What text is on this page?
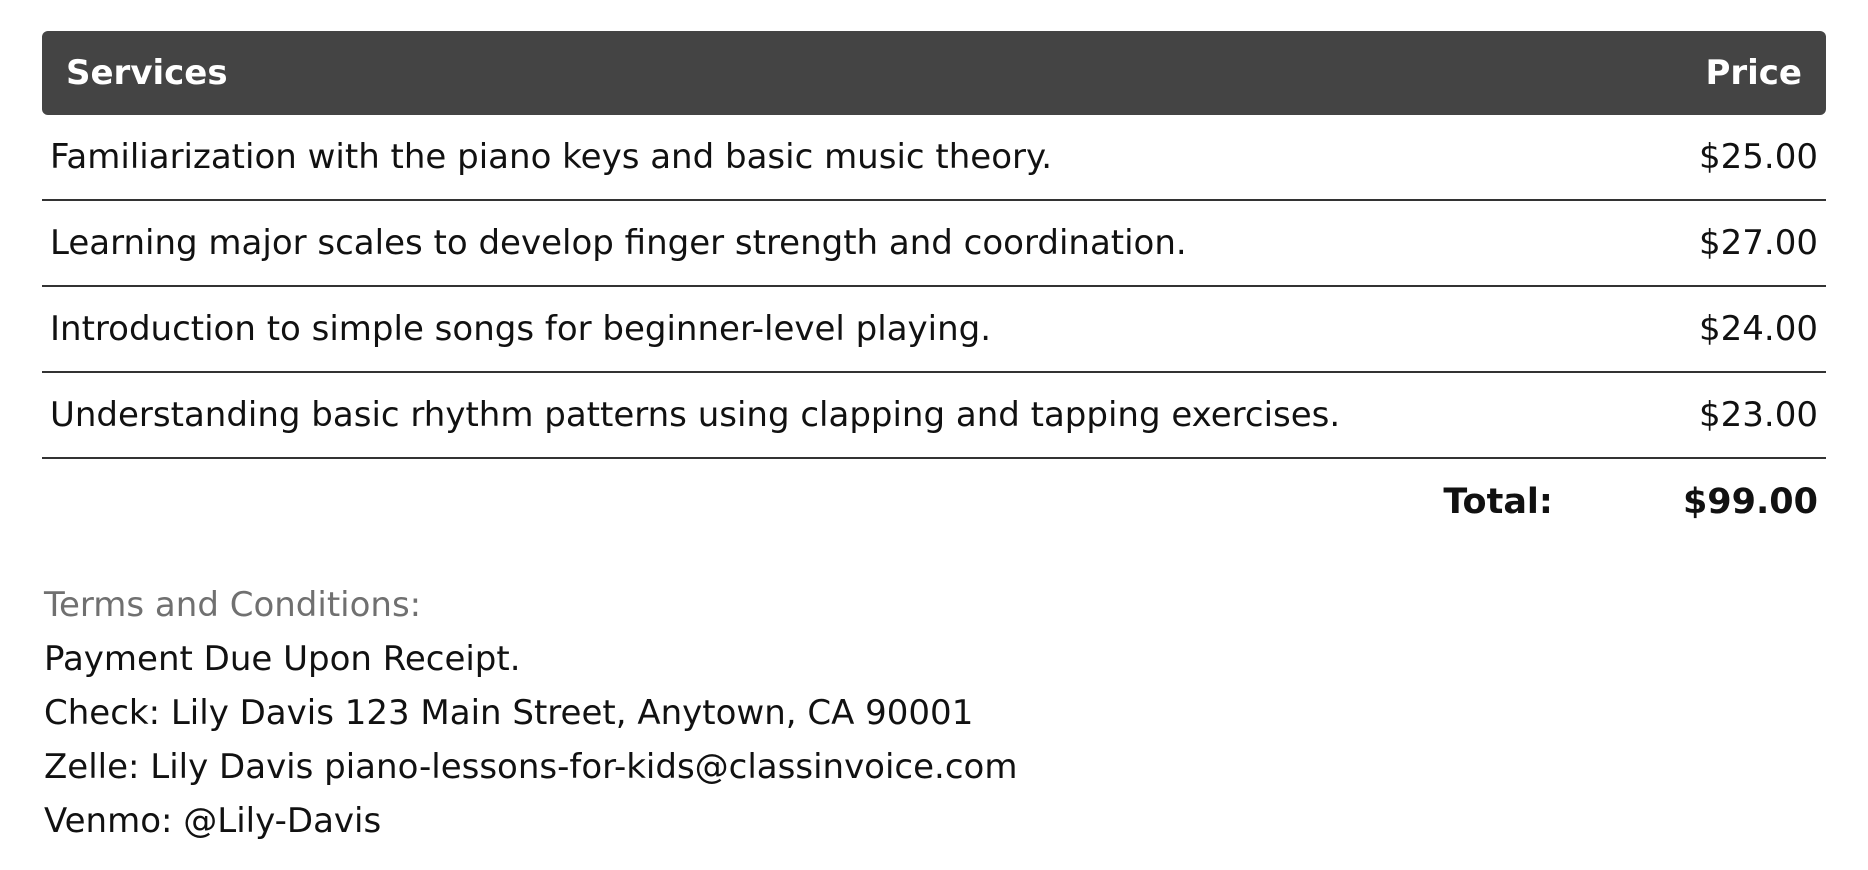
Services	Price
Familiarization with the piano keys and basic music theory.	$25.00
Learning major scales to develop finger strength and coordination.	$27.00
Introduction to simple songs for beginner-level playing.	$24.00
Understanding basic rhythm patterns using clapping and tapping exercises.	$23.00
Total:	$99.00
Terms and Conditions:
Payment Due Upon Receipt.
Check: Lily Davis 123 Main Street, Anytown, CA 90001
Zelle: Lily Davis piano-lessons-for-kids@classinvoice.com
Venmo: @Lily-Davis
